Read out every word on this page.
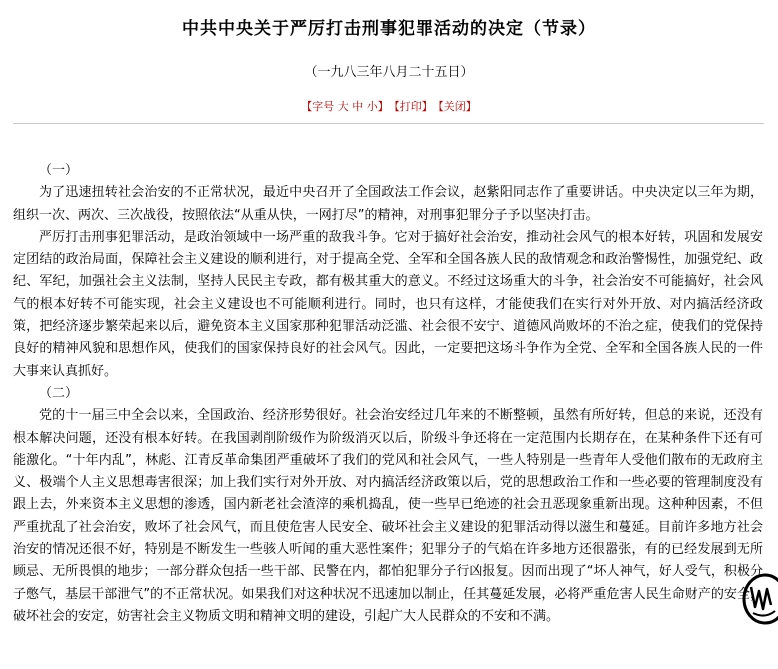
中共中央关于严厉打击刑事犯罪活动的决定（节录）
（一九八三年八月二十五日）
【字号 大 中 小】【打印】【关闭】

（一）

为了迅速扭转社会治安的不正常状况，最近中央召开了全国政法工作会议，赵紫阳同志作了重要讲话。中央决定以三年为期，组织一次、两次、三次战役，按照依法“从重从快，一网打尽”的精神，对刑事犯罪分子予以坚决打击。

严厉打击刑事犯罪活动，是政治领域中一场严重的敌我斗争。它对于搞好社会治安，推动社会风气的根本好转，巩固和发展安定团结的政治局面，保障社会主义建设的顺利进行，对于提高全党、全军和全国各族人民的敌情观念和政治警惕性，加强党纪、政纪、军纪，加强社会主义法制，坚持人民民主专政，都有极其重大的意义。不经过这场重大的斗争，社会治安不可能搞好，社会风气的根本好转不可能实现，社会主义建设也不可能顺利进行。同时，也只有这样，才能使我们在实行对外开放、对内搞活经济政策，把经济逐步繁荣起来以后，避免资本主义国家那种犯罪活动泛滥、社会很不安宁、道德风尚败坏的不治之症，使我们的党保持良好的精神风貌和思想作风，使我们的国家保持良好的社会风气。因此，一定要把这场斗争作为全党、全军和全国各族人民的一件大事来认真抓好。

（二）

党的十一届三中全会以来，全国政治、经济形势很好。社会治安经过几年来的不断整顿，虽然有所好转，但总的来说，还没有根本解决问题，还没有根本好转。在我国剥削阶级作为阶级消灭以后，阶级斗争还将在一定范围内长期存在，在某种条件下还有可能激化。“十年内乱”，林彪、江青反革命集团严重破坏了我们的党风和社会风气，一些人特别是一些青年人受他们散布的无政府主义、极端个人主义思想毒害很深；加上我们实行对外开放、对内搞活经济政策以后，党的思想政治工作和一些必要的管理制度没有跟上去，外来资本主义思想的渗透，国内新老社会渣滓的乘机捣乱，使一些早已绝迹的社会丑恶现象重新出现。这种种因素，不但严重扰乱了社会治安，败坏了社会风气，而且使危害人民安全、破坏社会主义建设的犯罪活动得以滋生和蔓延。目前许多地方社会治安的情况还很不好，特别是不断发生一些骇人听闻的重大恶性案件；犯罪分子的气焰在许多地方还很嚣张，有的已经发展到无所顾忌、无所畏惧的地步；一部分群众包括一些干部、民警在内，都怕犯罪分子行凶报复。因而出现了“坏人神气，好人受气，积极分子憋气，基层干部泄气”的不正常状况。如果我们对这种状况不迅速加以制止，任其蔓延发展，必将严重危害人民生命财产的安全，破坏社会的安定，妨害社会主义物质文明和精神文明的建设，引起广大人民群众的不安和不满。
